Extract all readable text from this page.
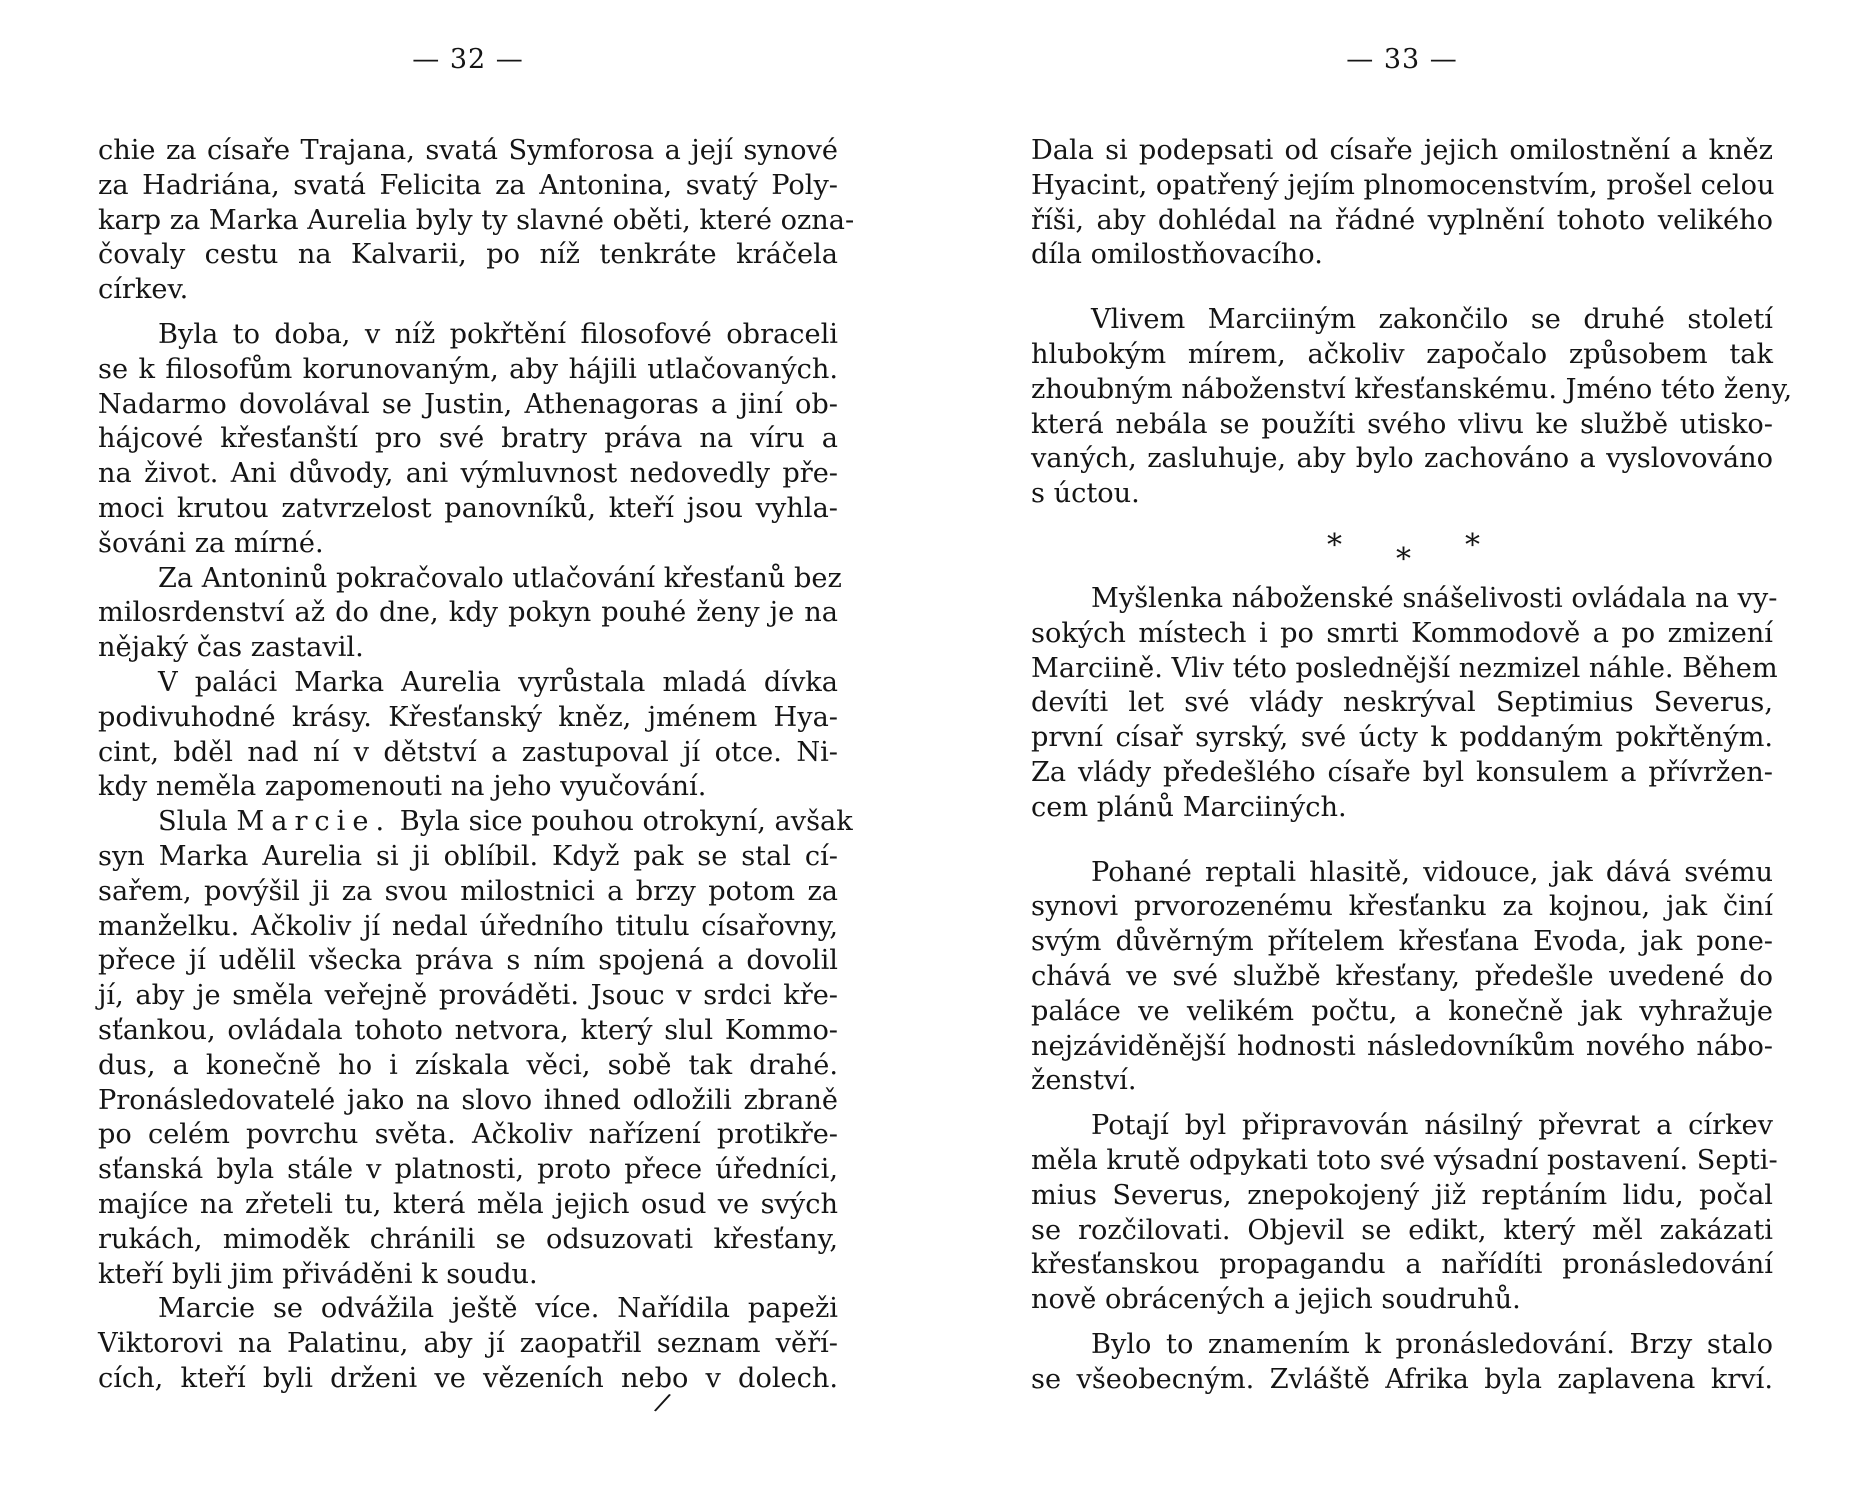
— 32 —

chie za císaře Trajana, svatá Symforosa a její synové
za Hadriána, svatá Felicita za Antonina, svatý Poly-
karp za Marka Aurelia byly ty slavné oběti, které ozna-
čovaly cestu na Kalvarii, po níž tenkráte kráčela
církev.

Byla to doba, v níž pokřtění filosofové obraceli
se k filosofům korunovaným, aby hájili utlačovaných.
Nadarmo dovolával se Justin, Athenagoras a jiní ob-
hájcové křesťanští pro své bratry práva na víru a
na život. Ani důvody, ani výmluvnost nedovedly pře-
moci krutou zatvrzelost panovníků, kteří jsou vyhla-
šováni za mírné.

Za Antoninů pokračovalo utlačování křesťanů bez
milosrdenství až do dne, kdy pokyn pouhé ženy je na
nějaký čas zastavil.

V paláci Marka Aurelia vyrůstala mladá dívka
podivuhodné krásy. Křesťanský kněz, jménem Hya-
cint, bděl nad ní v dětství a zastupoval jí otce. Ni-
kdy neměla zapomenouti na jeho vyučování.

Slula Marcie. Byla sice pouhou otrokyní, avšak
syn Marka Aurelia si ji oblíbil. Když pak se stal cí-
sařem, povýšil ji za svou milostnici a brzy potom za
manželku. Ačkoliv jí nedal úředního titulu císařovny,
přece jí udělil všecka práva s ním spojená a dovolil
jí, aby je směla veřejně prováděti. Jsouc v srdci kře-
sťankou, ovládala tohoto netvora, který slul Kommo-
dus, a konečně ho i získala věci, sobě tak drahé.
Pronásledovatelé jako na slovo ihned odložili zbraně
po celém povrchu světa. Ačkoliv nařízení protikře-
sťanská byla stále v platnosti, proto přece úředníci,
majíce na zřeteli tu, která měla jejich osud ve svých
rukách, mimoděk chránili se odsuzovati křesťany,
kteří byli jim přiváděni k soudu.

Marcie se odvážila ještě více. Nařídila papeži
Viktorovi na Palatinu, aby jí zaopatřil seznam věří-
cích, kteří byli drženi ve vězeních nebo v dolech.

/
— 33 —

Dala si podepsati od císaře jejich omilostnění a kněz
Hyacint, opatřený jejím plnomocenstvím, prošel celou
říši, aby dohlédal na řádné vyplnění tohoto velikého
díla omilostňovacího.

Vlivem Marciiným zakončilo se druhé století
hlubokým mírem, ačkoliv započalo způsobem tak
zhoubným náboženství křesťanskému. Jméno této ženy,
která nebála se použíti svého vlivu ke službě utisko-
vaných, zasluhuje, aby bylo zachováno a vyslovováno
s úctou.

* * *

Myšlenka náboženské snášelivosti ovládala na vy-
sokých místech i po smrti Kommodově a po zmizení
Marciině. Vliv této poslednější nezmizel náhle. Během
devíti let své vlády neskrýval Septimius Severus,
první císař syrský, své úcty k poddaným pokřtěným.
Za vlády předešlého císaře byl konsulem a přívržen-
cem plánů Marciiných.

Pohané reptali hlasitě, vidouce, jak dává svému
synovi prvorozenému křesťanku za kojnou, jak činí
svým důvěrným přítelem křesťana Evoda, jak pone-
chává ve své službě křesťany, předešle uvedené do
paláce ve velikém počtu, a konečně jak vyhražuje
nejzáviděnější hodnosti následovníkům nového nábo-
ženství.

Potají byl připravován násilný převrat a církev
měla krutě odpykati toto své výsadní postavení. Septi-
mius Severus, znepokojený již reptáním lidu, počal
se rozčilovati. Objevil se edikt, který měl zakázati
křesťanskou propagandu a nařídíti pronásledování
nově obrácených a jejich soudruhů.

Bylo to znamením k pronásledování. Brzy stalo
se všeobecným. Zvláště Afrika byla zaplavena krví.
